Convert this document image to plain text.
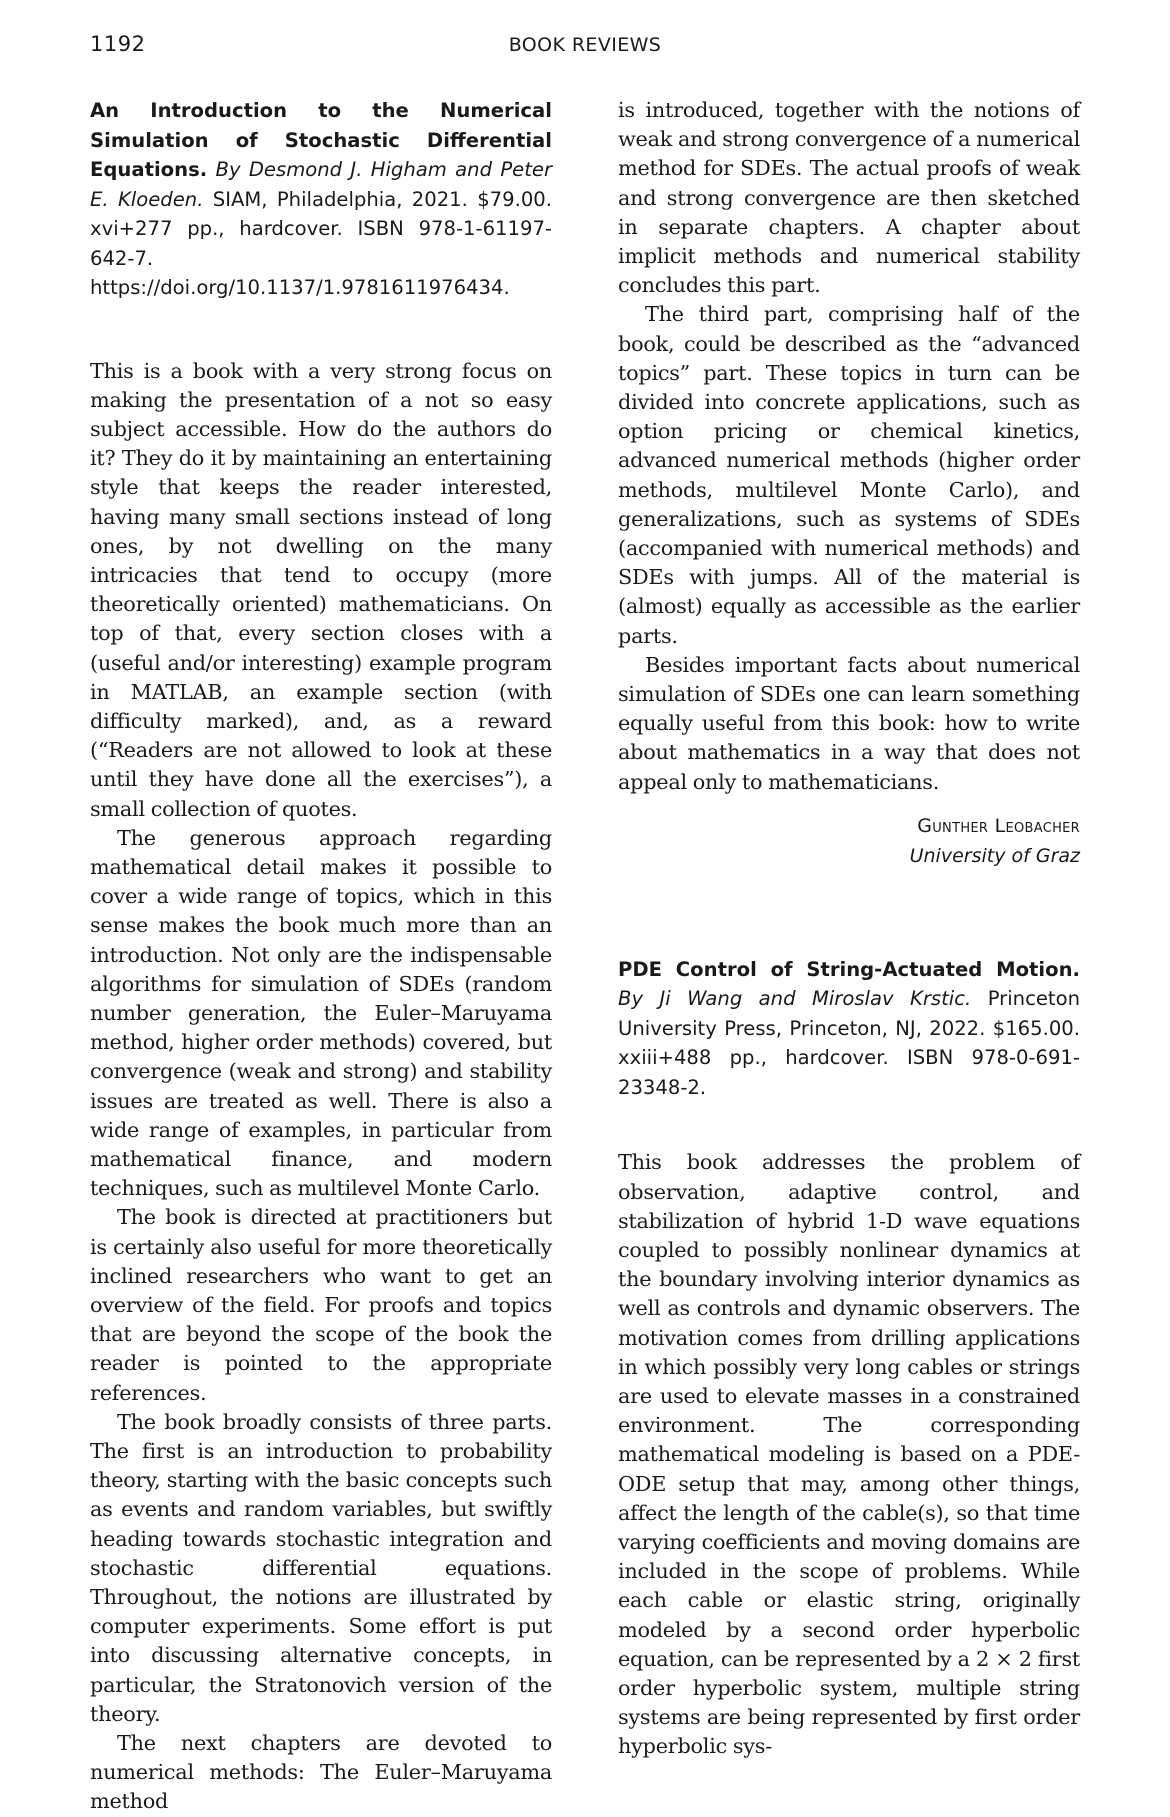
1192	BOOK REVIEWS

An Introduction to the Numerical Simulation of Stochastic Differential Equations. By Desmond J. Higham and Peter E. Kloeden. SIAM, Philadelphia, 2021. $79.00. xvi+277 pp., hardcover. ISBN 978-1-61197-642-7. https://doi.org/10.1137/1.9781611976434.

This is a book with a very strong focus on making the presentation of a not so easy subject accessible. How do the authors do it? They do it by maintaining an entertaining style that keeps the reader interested, having many small sections instead of long ones, by not dwelling on the many intricacies that tend to occupy (more theoretically oriented) mathematicians. On top of that, every section closes with a (useful and/or interesting) example program in MATLAB, an example section (with difficulty marked), and, as a reward (“Readers are not allowed to look at these until they have done all the exercises”), a small collection of quotes.

The generous approach regarding mathematical detail makes it possible to cover a wide range of topics, which in this sense makes the book much more than an introduction. Not only are the indispensable algorithms for simulation of SDEs (random number generation, the Euler–Maruyama method, higher order methods) covered, but convergence (weak and strong) and stability issues are treated as well. There is also a wide range of examples, in particular from mathematical finance, and modern techniques, such as multilevel Monte Carlo.

The book is directed at practitioners but is certainly also useful for more theoretically inclined researchers who want to get an overview of the field. For proofs and topics that are beyond the scope of the book the reader is pointed to the appropriate references.

The book broadly consists of three parts. The first is an introduction to probability theory, starting with the basic concepts such as events and random variables, but swiftly heading towards stochastic integration and stochastic differential equations. Throughout, the notions are illustrated by computer experiments. Some effort is put into discussing alternative concepts, in particular, the Stratonovich version of the theory.

The next chapters are devoted to numerical methods: The Euler–Maruyama method

is introduced, together with the notions of weak and strong convergence of a numerical method for SDEs. The actual proofs of weak and strong convergence are then sketched in separate chapters. A chapter about implicit methods and numerical stability concludes this part.

The third part, comprising half of the book, could be described as the “advanced topics” part. These topics in turn can be divided into concrete applications, such as option pricing or chemical kinetics, advanced numerical methods (higher order methods, multilevel Monte Carlo), and generalizations, such as systems of SDEs (accompanied with numerical methods) and SDEs with jumps. All of the material is (almost) equally as accessible as the earlier parts.

Besides important facts about numerical simulation of SDEs one can learn something equally useful from this book: how to write about mathematics in a way that does not appeal only to mathematicians.

Gunther Leobacher
University of Graz

PDE Control of String-Actuated Motion. By Ji Wang and Miroslav Krstic. Princeton University Press, Princeton, NJ, 2022. $165.00. xxiii+488 pp., hardcover. ISBN 978-0-691-23348-2.

This book addresses the problem of observation, adaptive control, and stabilization of hybrid 1-D wave equations coupled to possibly nonlinear dynamics at the boundary involving interior dynamics as well as controls and dynamic observers. The motivation comes from drilling applications in which possibly very long cables or strings are used to elevate masses in a constrained environment. The corresponding mathematical modeling is based on a PDE-ODE setup that may, among other things, affect the length of the cable(s), so that time varying coefficients and moving domains are included in the scope of problems. While each cable or elastic string, originally modeled by a second order hyperbolic equation, can be represented by a 2 × 2 first order hyperbolic system, multiple string systems are being represented by first order hyperbolic sys-
